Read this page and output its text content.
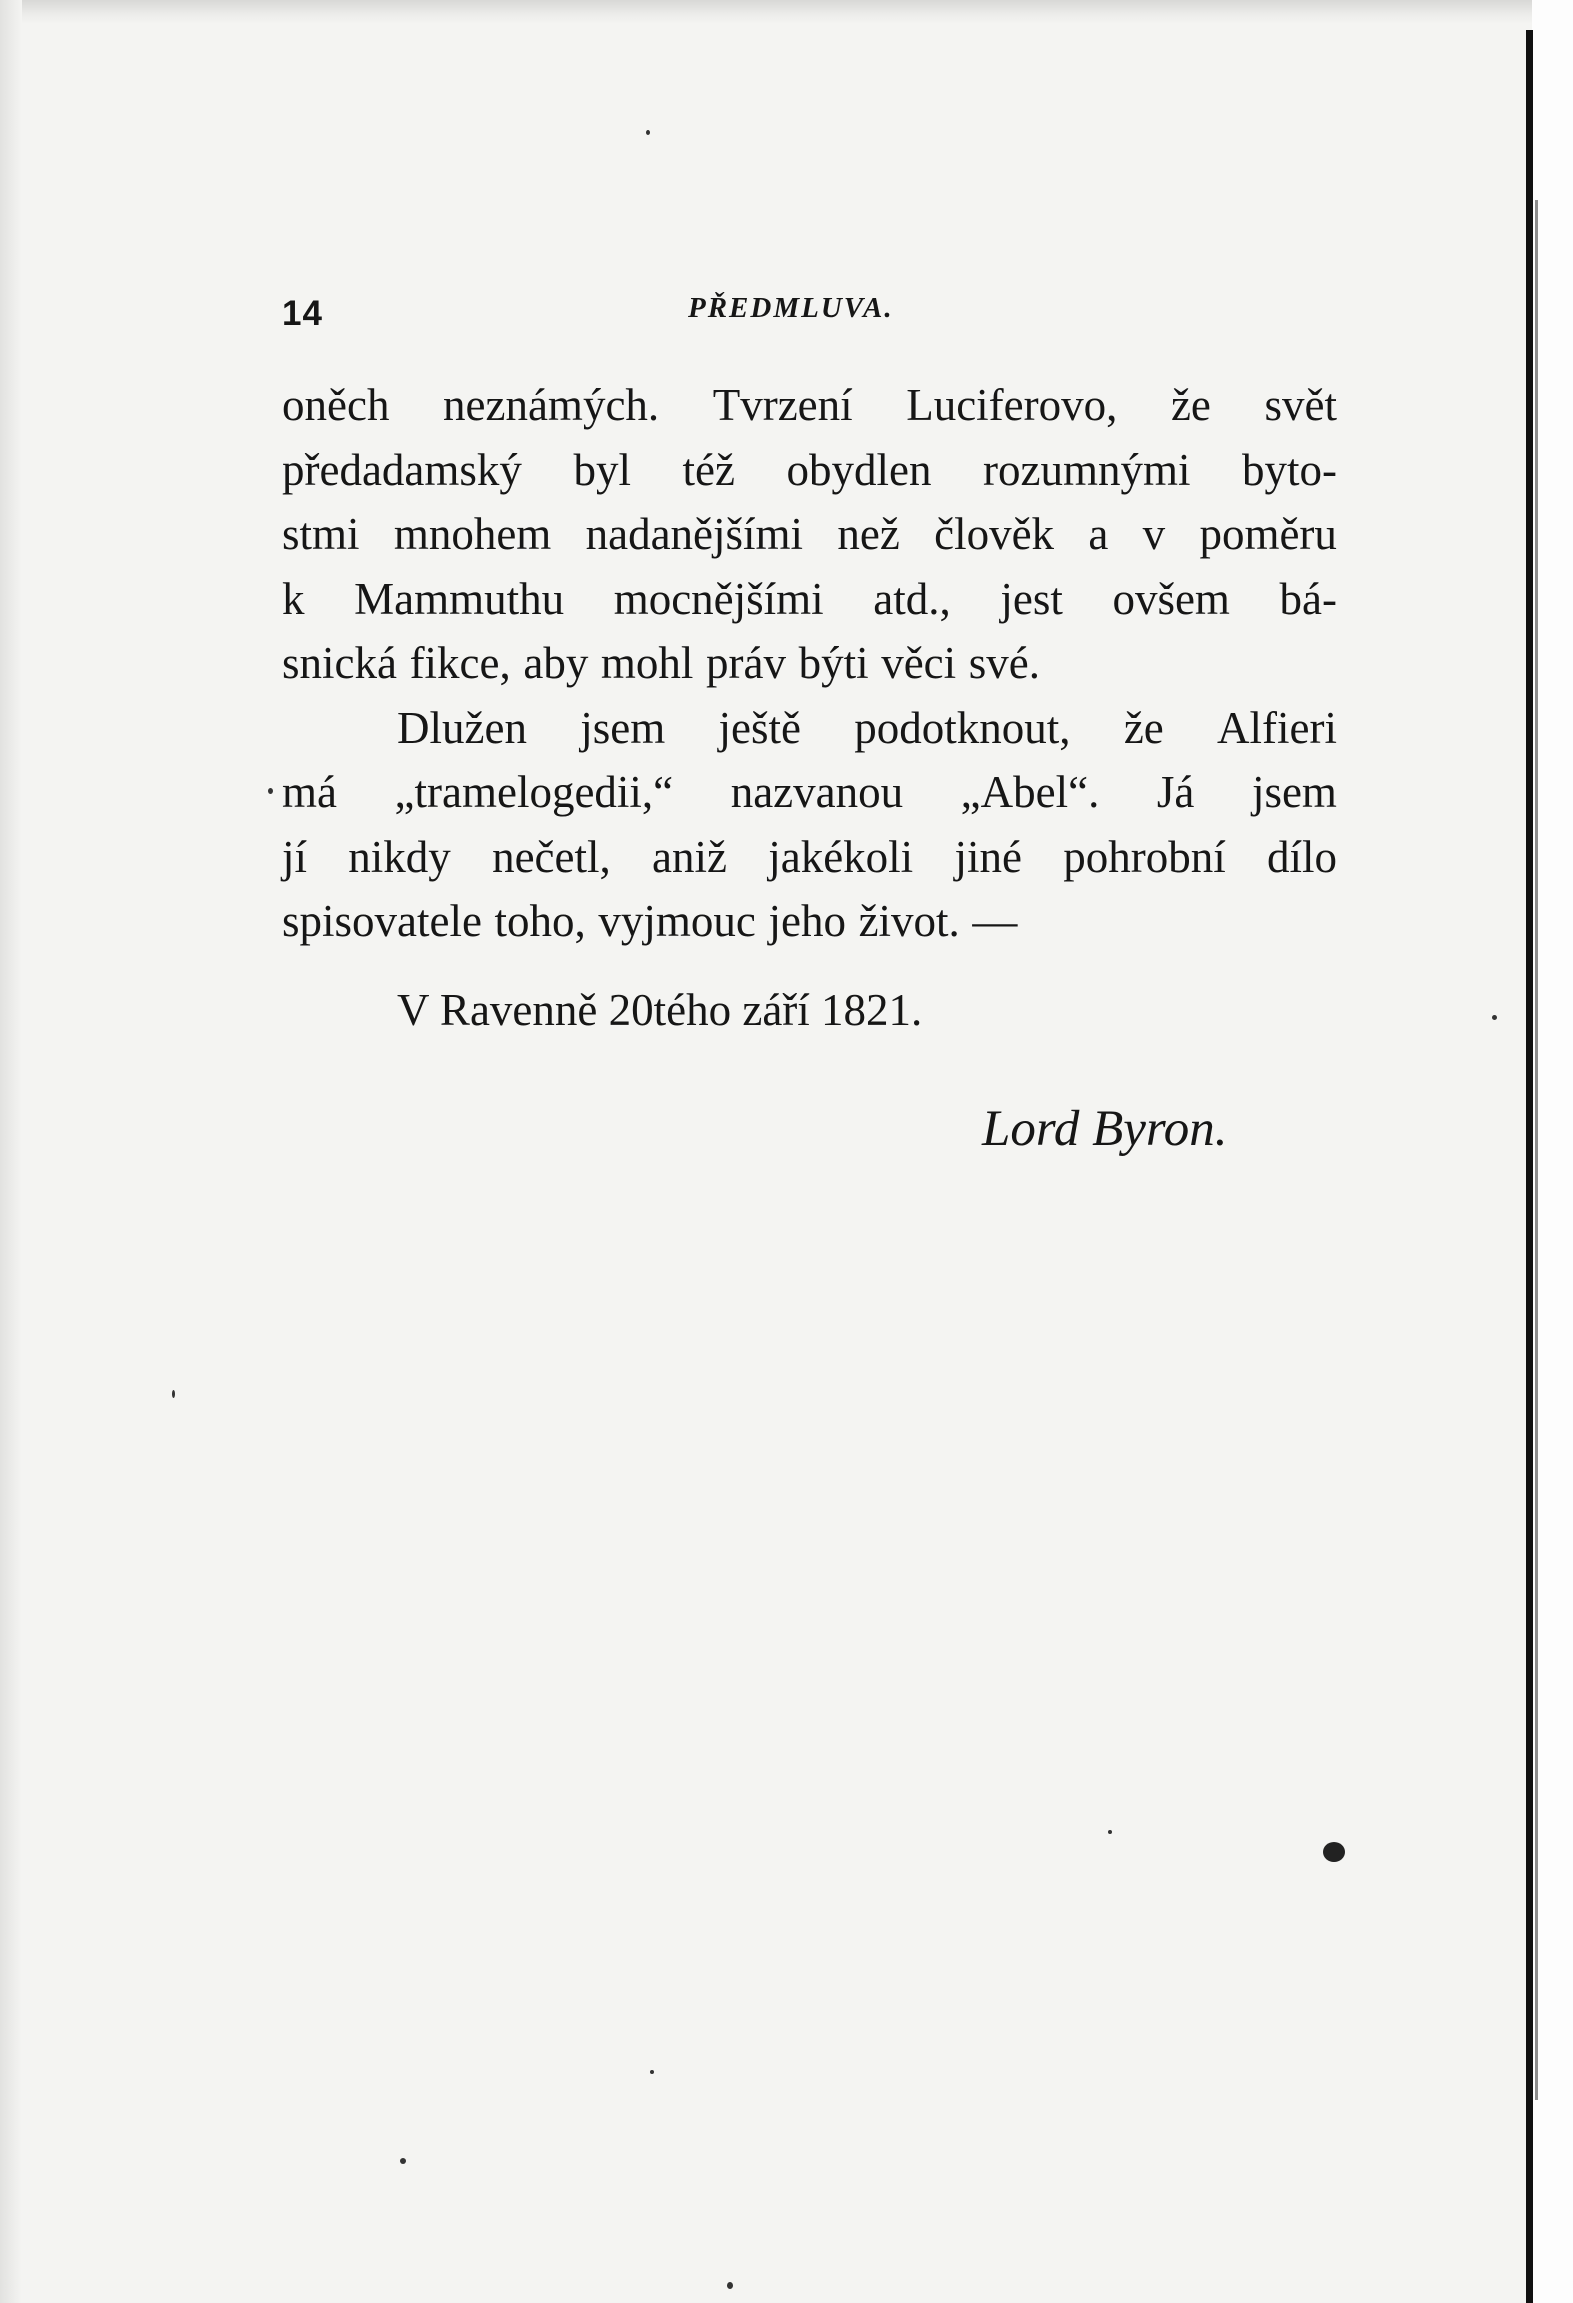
14	PŘEDMLUVA.
oněch neznámých. Tvrzení Luciferovo, že svět
předadamský byl též obydlen rozumnými byto-
stmi mnohem nadanějšími než člověk a v poměru
k Mammuthu mocnějšími atd., jest ovšem bá-
snická fikce, aby mohl práv býti věci své.
Dlužen jsem ještě podotknout, že Alfieri
má „tramelogedii,“ nazvanou „Abel“. Já jsem
jí nikdy nečetl, aniž jakékoli jiné pohrobní dílo
spisovatele toho, vyjmouc jeho život. —
V Ravenně 20tého září 1821.
Lord Byron.
